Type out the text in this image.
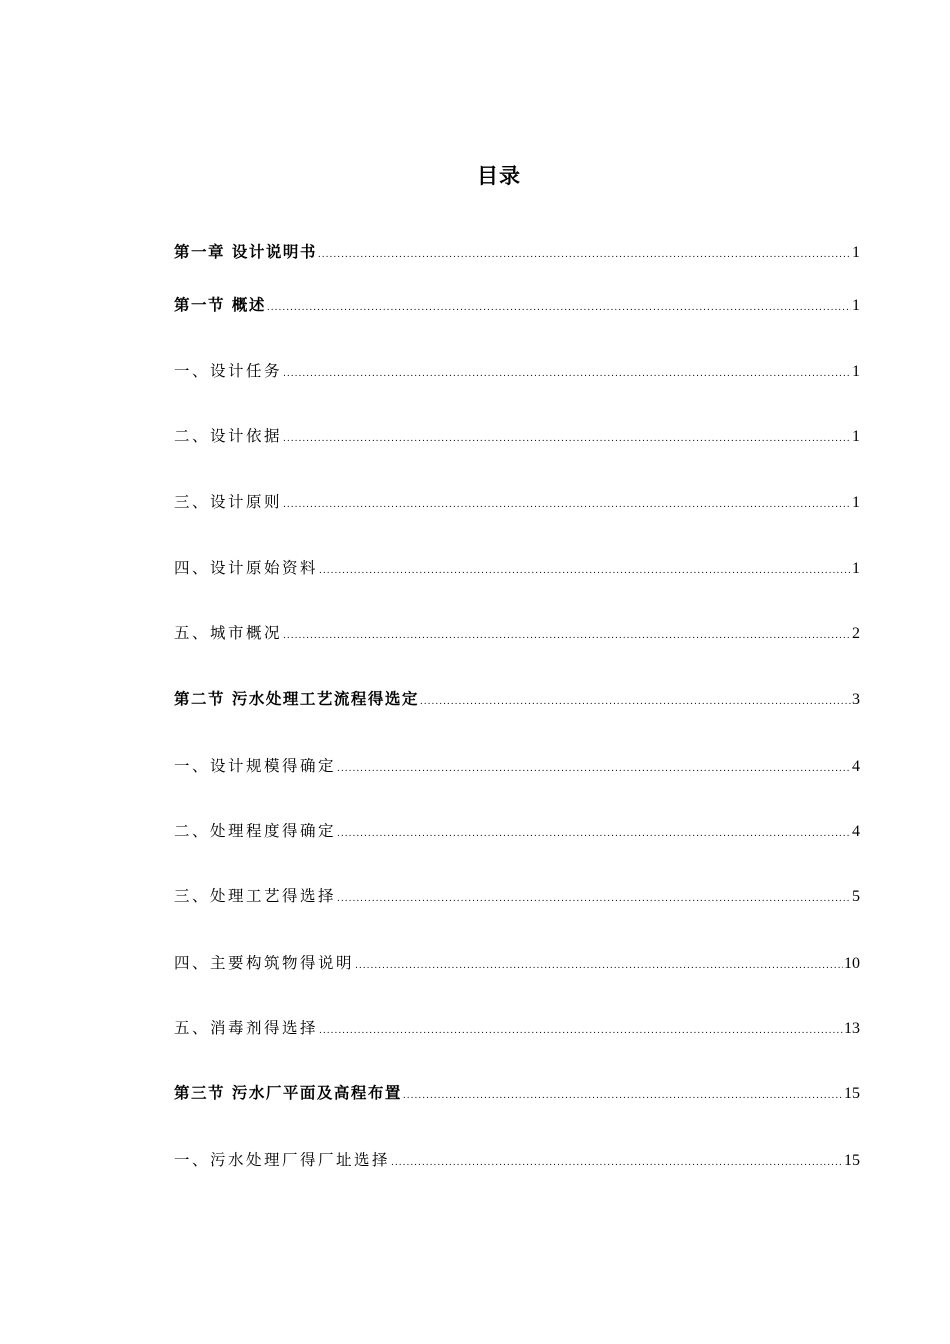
目录
第一章 设计说明书 .....	1
第一节 概述 .....	1
一、设计任务 .....	1
二、设计依据 .....	1
三、设计原则 .....	1
四、设计原始资料 .....	1
五、城市概况 .....	2
第二节 污水处理工艺流程得选定 .....	3
一、设计规模得确定 .....	4
二、处理程度得确定 .....	4
三、处理工艺得选择 .....	5
四、主要构筑物得说明 .....	10
五、消毒剂得选择 .....	13
第三节 污水厂平面及高程布置 .....	15
一、污水处理厂得厂址选择 .....	15
